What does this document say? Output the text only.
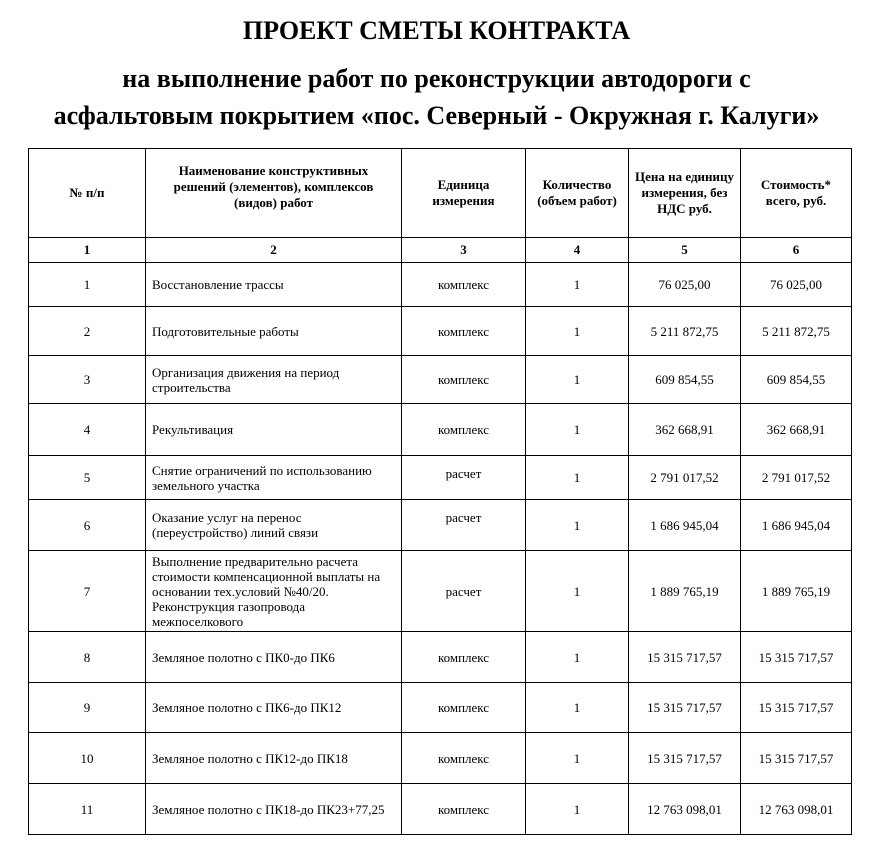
ПРОЕКТ СМЕТЫ КОНТРАКТА
на выполнение работ по реконструкции автодороги с
асфальтовым покрытием «пос. Северный - Окружная г. Калуги»
№ п/п	Наименование конструктивных решений (элементов), комплексов (видов) работ	Единица измерения	Количество (объем работ)	Цена на единицу измерения, без НДС руб.	Стоимость* всего, руб.
1	2	3	4	5	6
1	Восстановление трассы	комплекс	1	76 025,00	76 025,00
2	Подготовительные работы	комплекс	1	5 211 872,75	5 211 872,75
3	Организация движения на период строительства	комплекс	1	609 854,55	609 854,55
4	Рекультивация	комплекс	1	362 668,91	362 668,91
5	Снятие ограничений по использованию земельного участка	расчет	1	2 791 017,52	2 791 017,52
6	Оказание услуг на перенос (переустройство) линий связи	расчет	1	1 686 945,04	1 686 945,04
7	Выполнение предварительно расчета стоимости компенсационной выплаты на основании тех.условий №40/20. Реконструкция газопровода межпоселкового	расчет	1	1 889 765,19	1 889 765,19
8	Земляное полотно с ПК0-до ПК6	комплекс	1	15 315 717,57	15 315 717,57
9	Земляное полотно с ПК6-до ПК12	комплекс	1	15 315 717,57	15 315 717,57
10	Земляное полотно с ПК12-до ПК18	комплекс	1	15 315 717,57	15 315 717,57
11	Земляное полотно с ПК18-до ПК23+77,25	комплекс	1	12 763 098,01	12 763 098,01
